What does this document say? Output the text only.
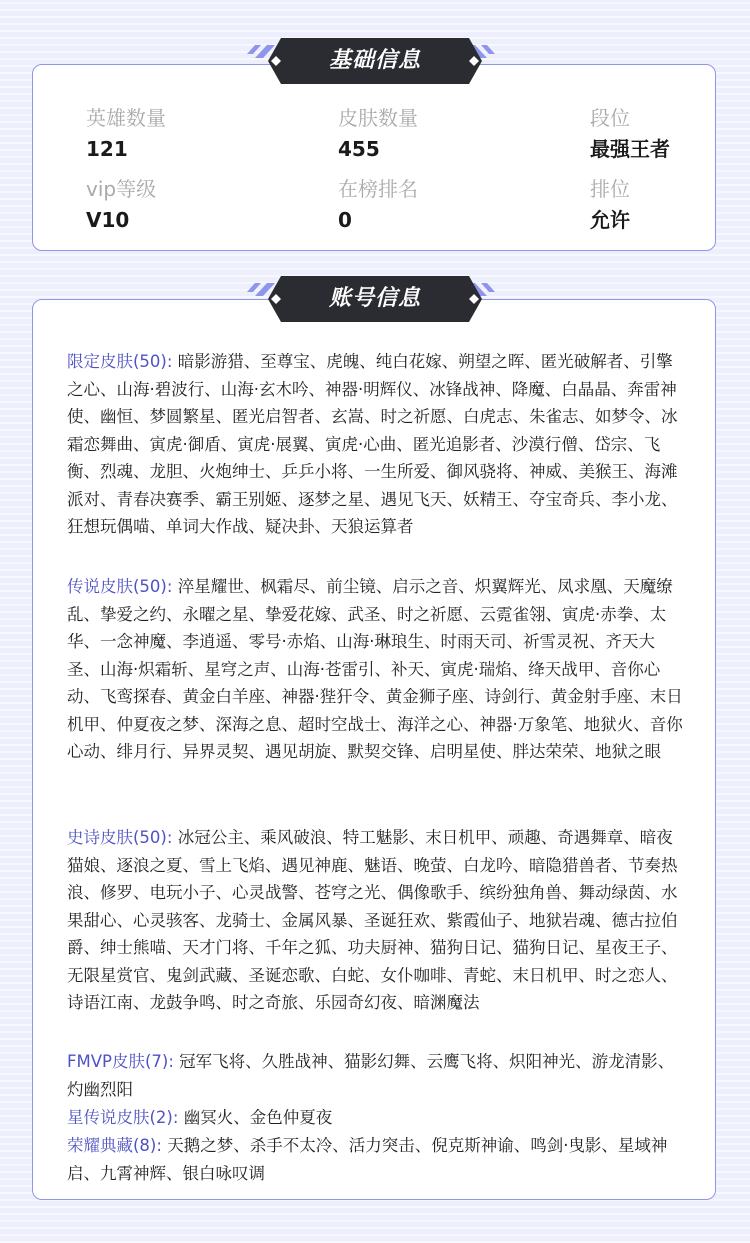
基础信息
英雄数量
121
皮肤数量
455
段位
最强王者
vip等级
V10
在榜排名
0
排位
允许
账号信息
限定皮肤(50): 暗影游猎、至尊宝、虎魄、纯白花嫁、朔望之晖、匿光破解者、引擎之心、山海·碧波行、山海·玄木吟、神器·明辉仪、冰锋战神、降魔、白晶晶、奔雷神使、幽恒、梦圆繁星、匿光启智者、玄嵩、时之祈愿、白虎志、朱雀志、如梦令、冰霜恋舞曲、寅虎·御盾、寅虎·展翼、寅虎·心曲、匿光追影者、沙漠行僧、岱宗、飞衡、烈魂、龙胆、火炮绅士、乒乒小将、一生所爱、御风骁将、神威、美猴王、海滩派对、青春决赛季、霸王别姬、逐梦之星、遇见飞天、妖精王、夺宝奇兵、李小龙、狂想玩偶喵、单词大作战、疑决卦、天狼运算者
传说皮肤(50): 淬星耀世、枫霜尽、前尘镜、启示之音、炽翼辉光、凤求凰、天魔缭乱、挚爱之约、永曜之星、挚爱花嫁、武圣、时之祈愿、云霓雀翎、寅虎·赤拳、太华、一念神魔、李逍遥、零号·赤焰、山海·琳琅生、时雨天司、祈雪灵祝、齐天大圣、山海·炽霜斩、星穹之声、山海·苍雷引、补天、寅虎·瑞焰、绛天战甲、音你心动、飞鸾探春、黄金白羊座、神器·狴犴令、黄金狮子座、诗剑行、黄金射手座、末日机甲、仲夏夜之梦、深海之息、超时空战士、海洋之心、神器·万象笔、地狱火、音你心动、绯月行、异界灵契、遇见胡旋、默契交锋、启明星使、胖达荣荣、地狱之眼
史诗皮肤(50): 冰冠公主、乘风破浪、特工魅影、末日机甲、顽趣、奇遇舞章、暗夜猫娘、逐浪之夏、雪上飞焰、遇见神鹿、魅语、晚萤、白龙吟、暗隐猎兽者、节奏热浪、修罗、电玩小子、心灵战警、苍穹之光、偶像歌手、缤纷独角兽、舞动绿茵、水果甜心、心灵骇客、龙骑士、金属风暴、圣诞狂欢、紫霞仙子、地狱岩魂、德古拉伯爵、绅士熊喵、天才门将、千年之狐、功夫厨神、猫狗日记、猫狗日记、星夜王子、无限星赏官、鬼剑武藏、圣诞恋歌、白蛇、女仆咖啡、青蛇、末日机甲、时之恋人、诗语江南、龙鼓争鸣、时之奇旅、乐园奇幻夜、暗渊魔法
FMVP皮肤(7): 冠军飞将、久胜战神、猫影幻舞、云鹰飞将、炽阳神光、游龙清影、灼幽烈阳
星传说皮肤(2): 幽冥火、金色仲夏夜
荣耀典藏(8): 天鹅之梦、杀手不太冷、活力突击、倪克斯神谕、鸣剑·曳影、星域神启、九霄神辉、银白咏叹调
